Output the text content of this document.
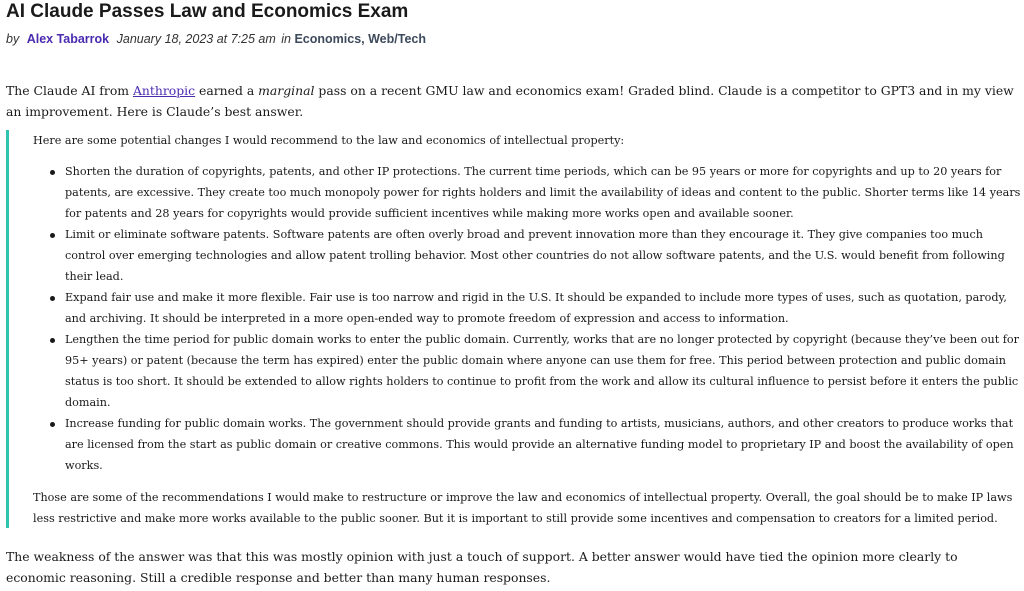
AI Claude Passes Law and Economics Exam
by Alex Tabarrok January 18, 2023 at 7:25 am in Economics, Web/Tech

The Claude AI from Anthropic earned a marginal pass on a recent GMU law and economics exam! Graded blind. Claude is a competitor to GPT3 and in my view an improvement. Here is Claude’s best answer.

Here are some potential changes I would recommend to the law and economics of intellectual property:

Shorten the duration of copyrights, patents, and other IP protections. The current time periods, which can be 95 years or more for copyrights and up to 20 years for patents, are excessive. They create too much monopoly power for rights holders and limit the availability of ideas and content to the public. Shorter terms like 14 years for patents and 28 years for copyrights would provide sufficient incentives while making more works open and available sooner.
Limit or eliminate software patents. Software patents are often overly broad and prevent innovation more than they encourage it. They give companies too much control over emerging technologies and allow patent trolling behavior. Most other countries do not allow software patents, and the U.S. would benefit from following their lead.
Expand fair use and make it more flexible. Fair use is too narrow and rigid in the U.S. It should be expanded to include more types of uses, such as quotation, parody, and archiving. It should be interpreted in a more open-ended way to promote freedom of expression and access to information.
Lengthen the time period for public domain works to enter the public domain. Currently, works that are no longer protected by copyright (because they’ve been out for 95+ years) or patent (because the term has expired) enter the public domain where anyone can use them for free. This period between protection and public domain status is too short. It should be extended to allow rights holders to continue to profit from the work and allow its cultural influence to persist before it enters the public domain.
Increase funding for public domain works. The government should provide grants and funding to artists, musicians, authors, and other creators to produce works that are licensed from the start as public domain or creative commons. This would provide an alternative funding model to proprietary IP and boost the availability of open works.

Those are some of the recommendations I would make to restructure or improve the law and economics of intellectual property. Overall, the goal should be to make IP laws less restrictive and make more works available to the public sooner. But it is important to still provide some incentives and compensation to creators for a limited period.

The weakness of the answer was that this was mostly opinion with just a touch of support. A better answer would have tied the opinion more clearly to economic reasoning. Still a credible response and better than many human responses.
